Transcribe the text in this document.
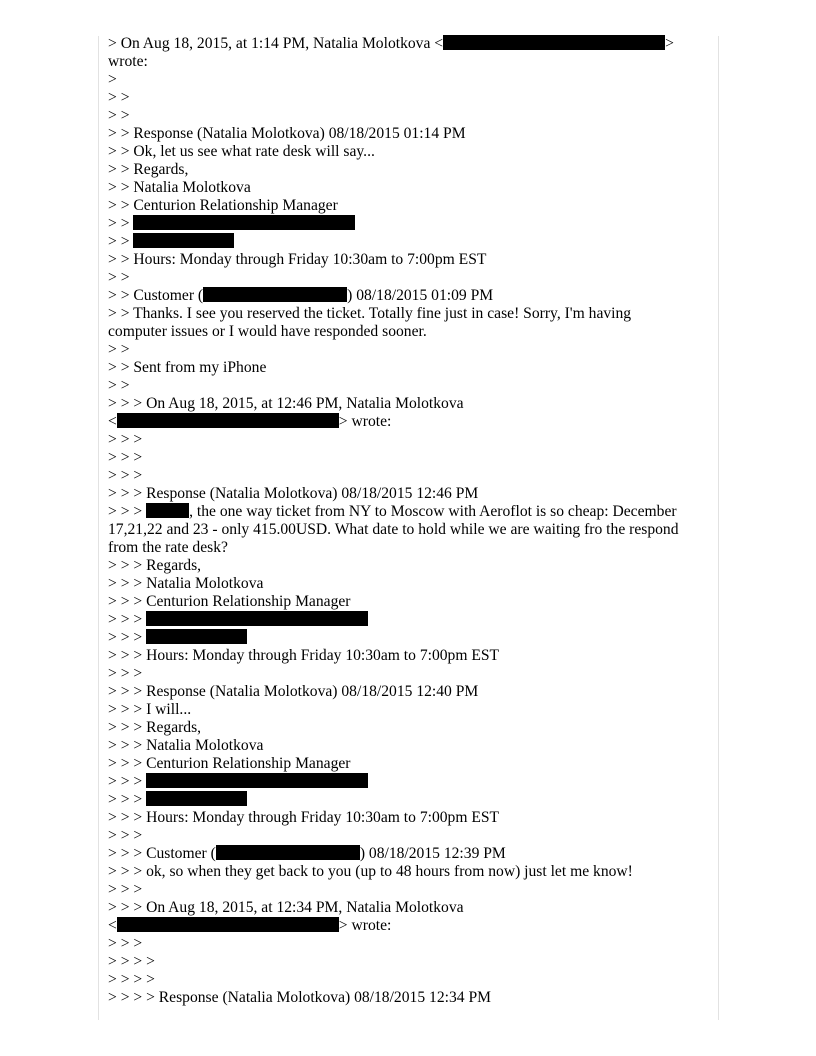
> On Aug 18, 2015, at 1:14 PM, Natalia Molotkova <	>
wrote:
>
> >
> >
> > Response (Natalia Molotkova) 08/18/2015 01:14 PM
> > Ok, let us see what rate desk will say...
> > Regards,
> > Natalia Molotkova
> > Centurion Relationship Manager
> >
> >
> > Hours: Monday through Friday 10:30am to 7:00pm EST
> >
> > Customer (	) 08/18/2015 01:09 PM
> > Thanks. I see you reserved the ticket. Totally fine just in case! Sorry, I'm having
computer issues or I would have responded sooner.
> >
> > Sent from my iPhone
> >
> > > On Aug 18, 2015, at 12:46 PM, Natalia Molotkova
<	> wrote:
> > >
> > >
> > >
> > > Response (Natalia Molotkova) 08/18/2015 12:46 PM
> > >	, the one way ticket from NY to Moscow with Aeroflot is so cheap: December
17,21,22 and 23 - only 415.00USD. What date to hold while we are waiting fro the respond
from the rate desk?
> > > Regards,
> > > Natalia Molotkova
> > > Centurion Relationship Manager
> > >
> > >
> > > Hours: Monday through Friday 10:30am to 7:00pm EST
> > >
> > > Response (Natalia Molotkova) 08/18/2015 12:40 PM
> > > I will...
> > > Regards,
> > > Natalia Molotkova
> > > Centurion Relationship Manager
> > >
> > >
> > > Hours: Monday through Friday 10:30am to 7:00pm EST
> > >
> > > Customer (	) 08/18/2015 12:39 PM
> > > ok, so when they get back to you (up to 48 hours from now) just let me know!
> > >
> > > On Aug 18, 2015, at 12:34 PM, Natalia Molotkova
<	> wrote:
> > >
> > > >
> > > >
> > > > Response (Natalia Molotkova) 08/18/2015 12:34 PM
